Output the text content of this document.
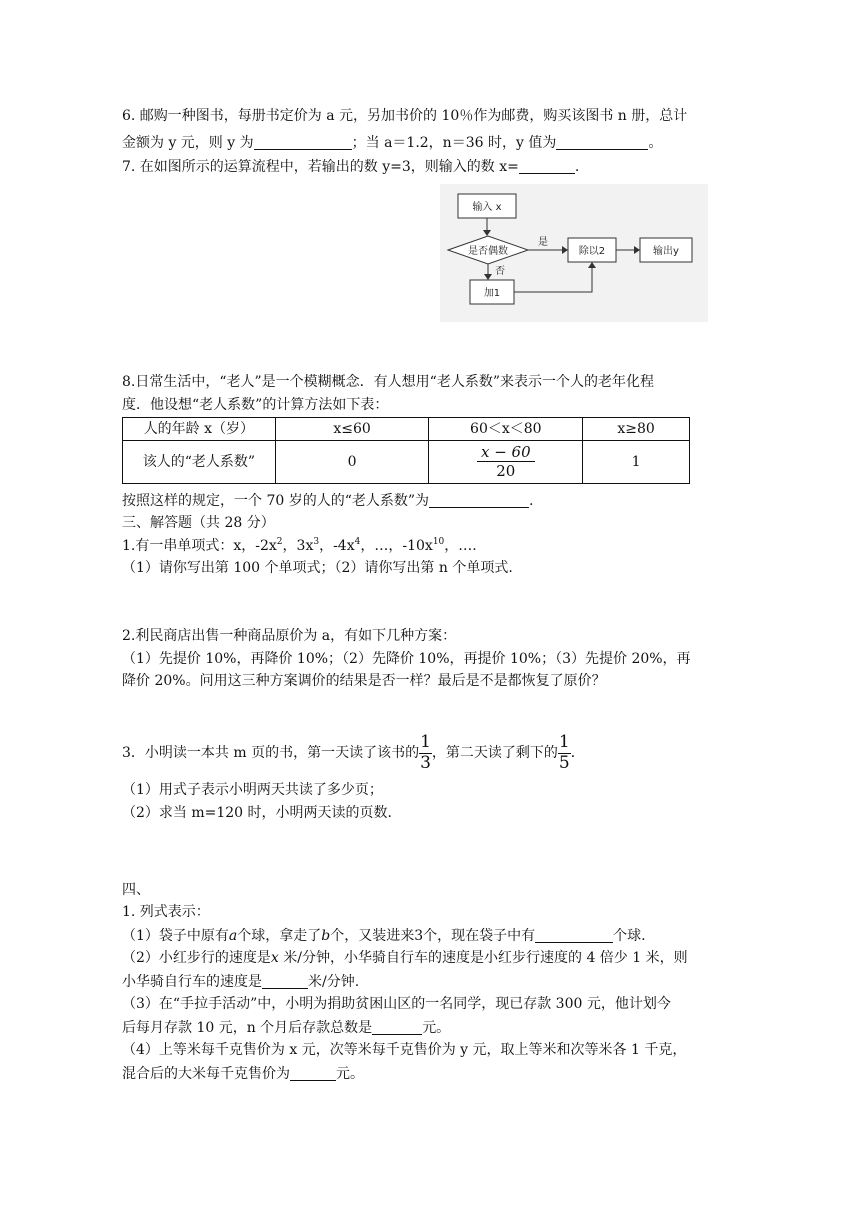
6. 邮购一种图书，每册书定价为 a 元，另加书价的 10％作为邮费，购买该图书 n 册，总计
金额为 y 元，则 y 为	；当 a＝1.2，n＝36 时，y 值为	。
7. 在如图所示的运算流程中，若输出的数 y=3，则输入的数 x=	.
输入 x
是否偶数
是
除以2	输出y
否
加1
8.日常生活中，“老人”是一个模糊概念．有人想用“老人系数”来表示一个人的老年化程
度．他设想“老人系数”的计算方法如下表：
人的年龄 x（岁）	x≤60	60＜x＜80	x≥80
该人的“老人系数”	0	$\frac{x - 60}{20}$	1
按照这样的规定，一个 70 岁的人的“老人系数”为	.
三、解答题（共 28 分）
1.有一串单项式：x，$-2x^2$，$3x^3$，$-4x^4$，…，$-10x^{10}$，….
（1）请你写出第 100 个单项式；（2）请你写出第 n 个单项式.
2.利民商店出售一种商品原价为 a，有如下几种方案：
（1）先提价 10%，再降价 10%；（2）先降价 10%，再提价 10%；（3）先提价 20%，再
降价 20%。问用这三种方案调价的结果是否一样？最后是不是都恢复了原价？
3．小明读一本共 m 页的书，第一天读了该书的 $\frac{1}{3}$ ，第二天读了剩下的 $\frac{1}{5}$ ．
（1）用式子表示小明两天共读了多少页；
（2）求当 m=120 时，小明两天读的页数.
四、
1. 列式表示：
（1）袋子中原有a个球，拿走了b个，又装进来3个，现在袋子中有	个球.
（2）小红步行的速度是x 米/分钟，小华骑自行车的速度是小红步行速度的 4 倍少 1 米，则
小华骑自行车的速度是	米/分钟.
（3）在“手拉手活动”中，小明为捐助贫困山区的一名同学，现已存款 300 元，他计划今
后每月存款 10 元，n 个月后存款总数是	元。
（4）上等米每千克售价为 x 元，次等米每千克售价为 y 元，取上等米和次等米各 1 千克，
混合后的大米每千克售价为	元。
